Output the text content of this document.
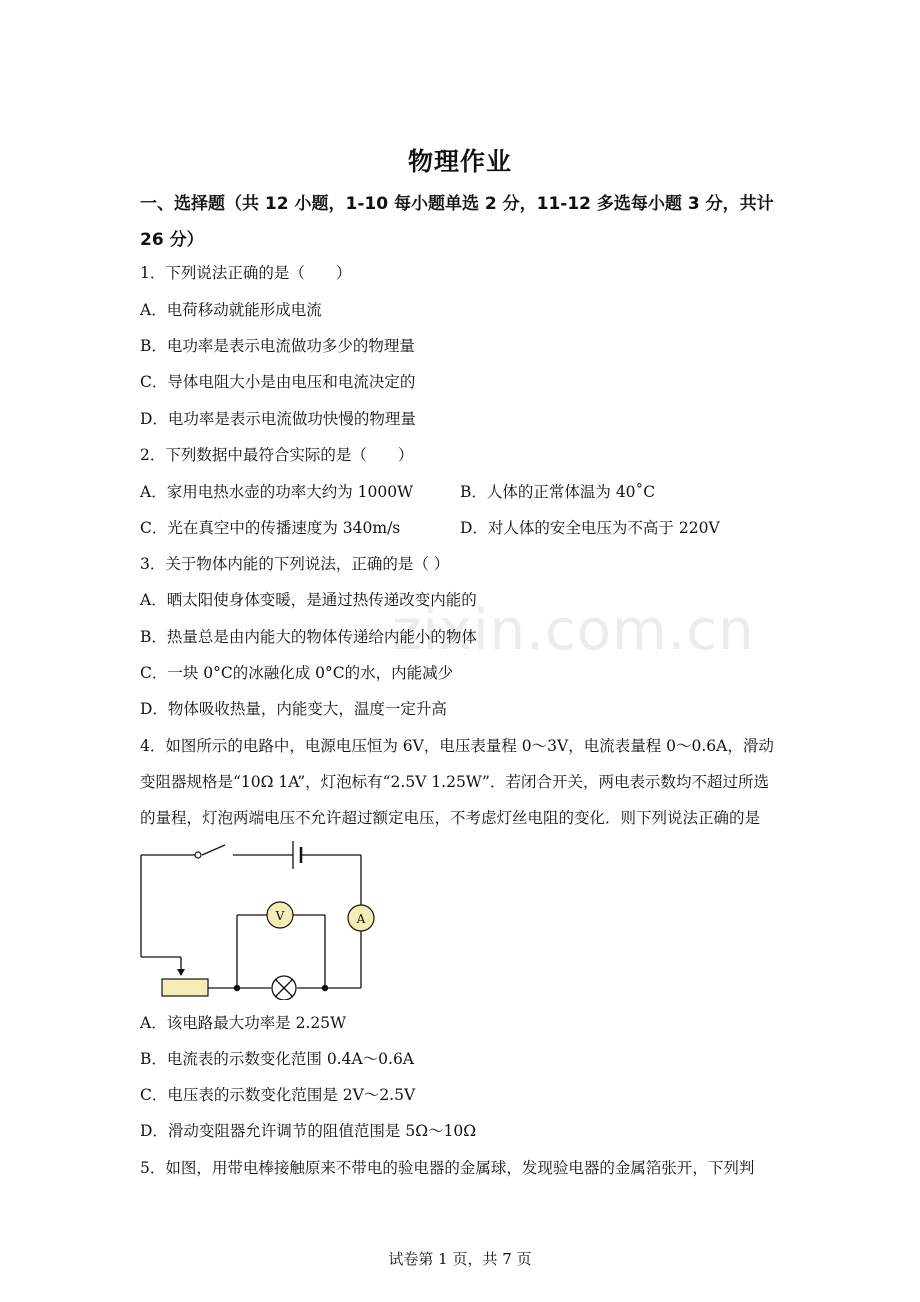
zixin.com.cn
物理作业
一、选择题（共 12 小题，1-10 每小题单选 2 分，11-12 多选每小题 3 分，共计 26 分）
1．下列说法正确的是（　　）
A．电荷移动就能形成电流
B．电功率是表示电流做功多少的物理量
C．导体电阻大小是由电压和电流决定的
D．电功率是表示电流做功快慢的物理量
2．下列数据中最符合实际的是（　　）
A．家用电热水壶的功率大约为 1000W	B．人体的正常体温为 40˚C
C．光在真空中的传播速度为 340m/s	D．对人体的安全电压为不高于 220V
3．关于物体内能的下列说法，正确的是（ ）
A．晒太阳使身体变暖，是通过热传递改变内能的
B．热量总是由内能大的物体传递给内能小的物体
C．一块 0°C的冰融化成 0°C的水，内能减少
D．物体吸收热量，内能变大，温度一定升高
4．如图所示的电路中，电源电压恒为 6V，电压表量程 0～3V，电流表量程 0～0.6A，滑动
变阻器规格是“10Ω 1A”，灯泡标有“2.5V 1.25W”．若闭合开关，两电表示数均不超过所选
的量程，灯泡两端电压不允许超过额定电压，不考虑灯丝电阻的变化．则下列说法正确的是
V	A
A．该电路最大功率是 2.25W
B．电流表的示数变化范围 0.4A～0.6A
C．电压表的示数变化范围是 2V～2.5V
D．滑动变阻器允许调节的阻值范围是 5Ω～10Ω
5．如图，用带电棒接触原来不带电的验电器的金属球，发现验电器的金属箔张开，下列判
试卷第 1 页，共 7 页
